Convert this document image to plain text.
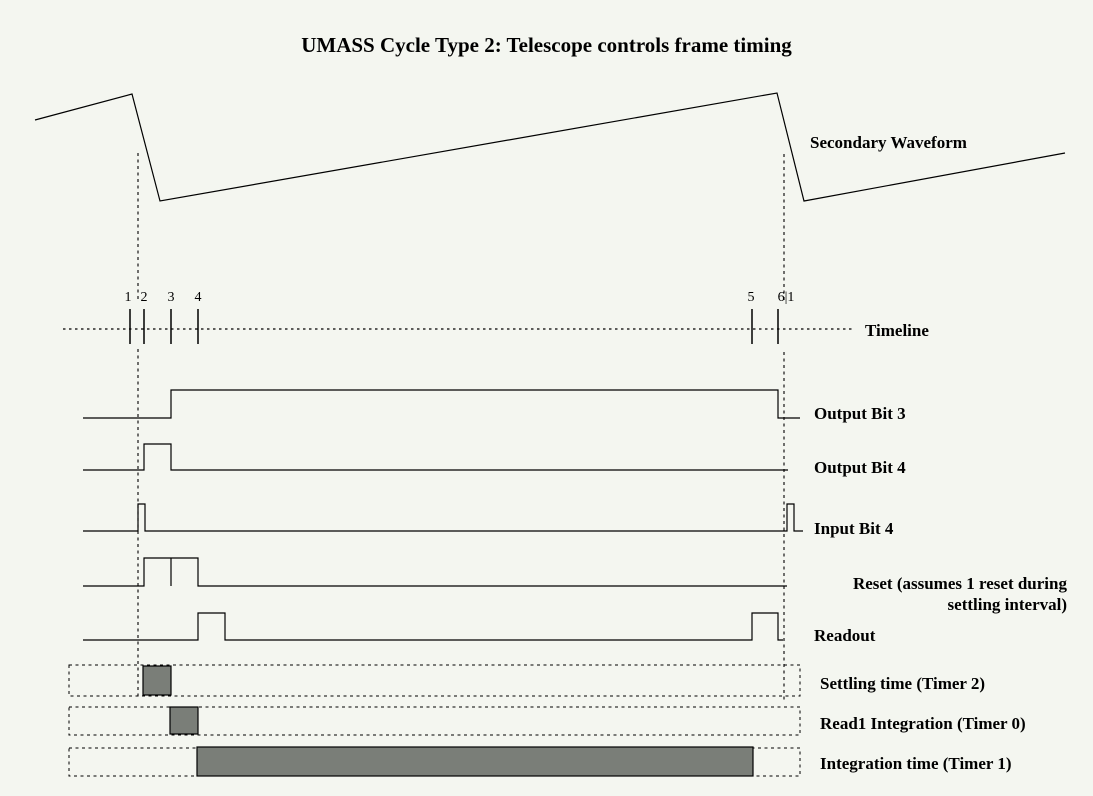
UMASS Cycle Type 2: Telescope controls frame timing
Secondary Waveform
Timeline
Output Bit 3
Output Bit 4
Input Bit 4
Reset (assumes 1 reset during
settling interval)
Readout
Settling time (Timer 2)
Read1 Integration (Timer 0)
Integration time (Timer 1)
1 2 3 4	5 6|1
